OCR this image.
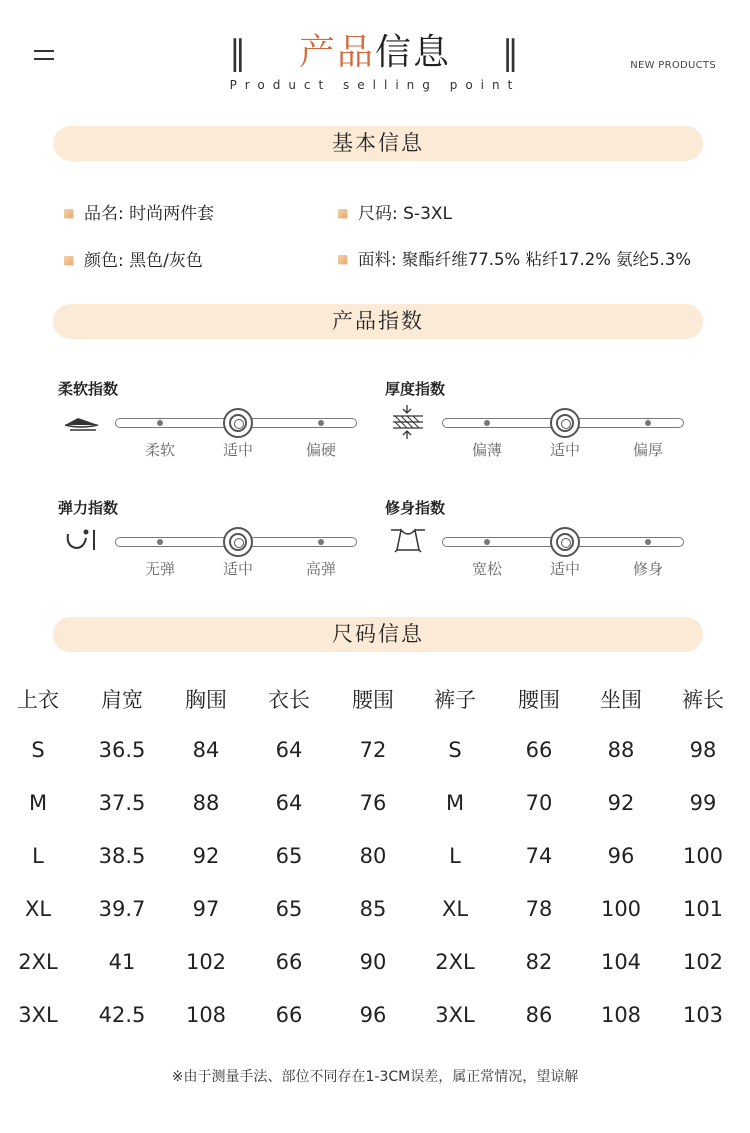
‖ 产品信息 ‖
Product selling point
NEW PRODUCTS
基本信息
品名: 时尚两件套	尺码: S-3XL
颜色: 黑色/灰色	面料: 聚酯纤维77.5% 粘纤17.2% 氨纶5.3%
产品指数
柔软指数
柔软	适中	偏硬
厚度指数
偏薄	适中	偏厚
弹力指数
无弹	适中	高弹
修身指数
宽松	适中	修身
尺码信息
上衣	肩宽	胸围	衣长	腰围	裤子	腰围	坐围	裤长
S	36.5	84	64	72	S	66	88	98
M	37.5	88	64	76	M	70	92	99
L	38.5	92	65	80	L	74	96	100
XL	39.7	97	65	85	XL	78	100	101
2XL	41	102	66	90	2XL	82	104	102
3XL	42.5	108	66	96	3XL	86	108	103
※由于测量手法、部位不同存在1-3CM误差，属正常情况，望谅解
